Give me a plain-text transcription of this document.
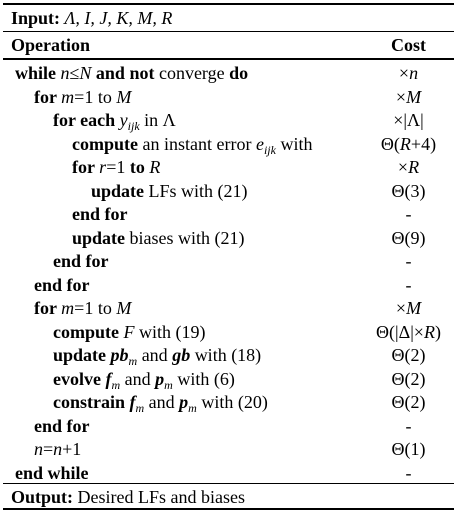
Input: Λ, I, J, K, M, R
Operation	Cost
while n≤N and not converge do	×n
for m=1 to M	×M
for each $y_{ijk}$ in Λ	×|Λ|
compute an instant error $e_{ijk}$ with	Θ(R+4)
for r=1 to R	×R
update LFs with (21)	Θ(3)
end for	-
update biases with (21)	Θ(9)
end for	-
end for	-
for m=1 to M	×M
compute F with (19)	Θ(|Δ|×R)
update $pb_m$ and gb with (18)	Θ(2)
evolve $f_m$ and $p_m$ with (6)	Θ(2)
constrain $f_m$ and $p_m$ with (20)	Θ(2)
end for	-
n=n+1	Θ(1)
end while	-
Output: Desired LFs and biases
